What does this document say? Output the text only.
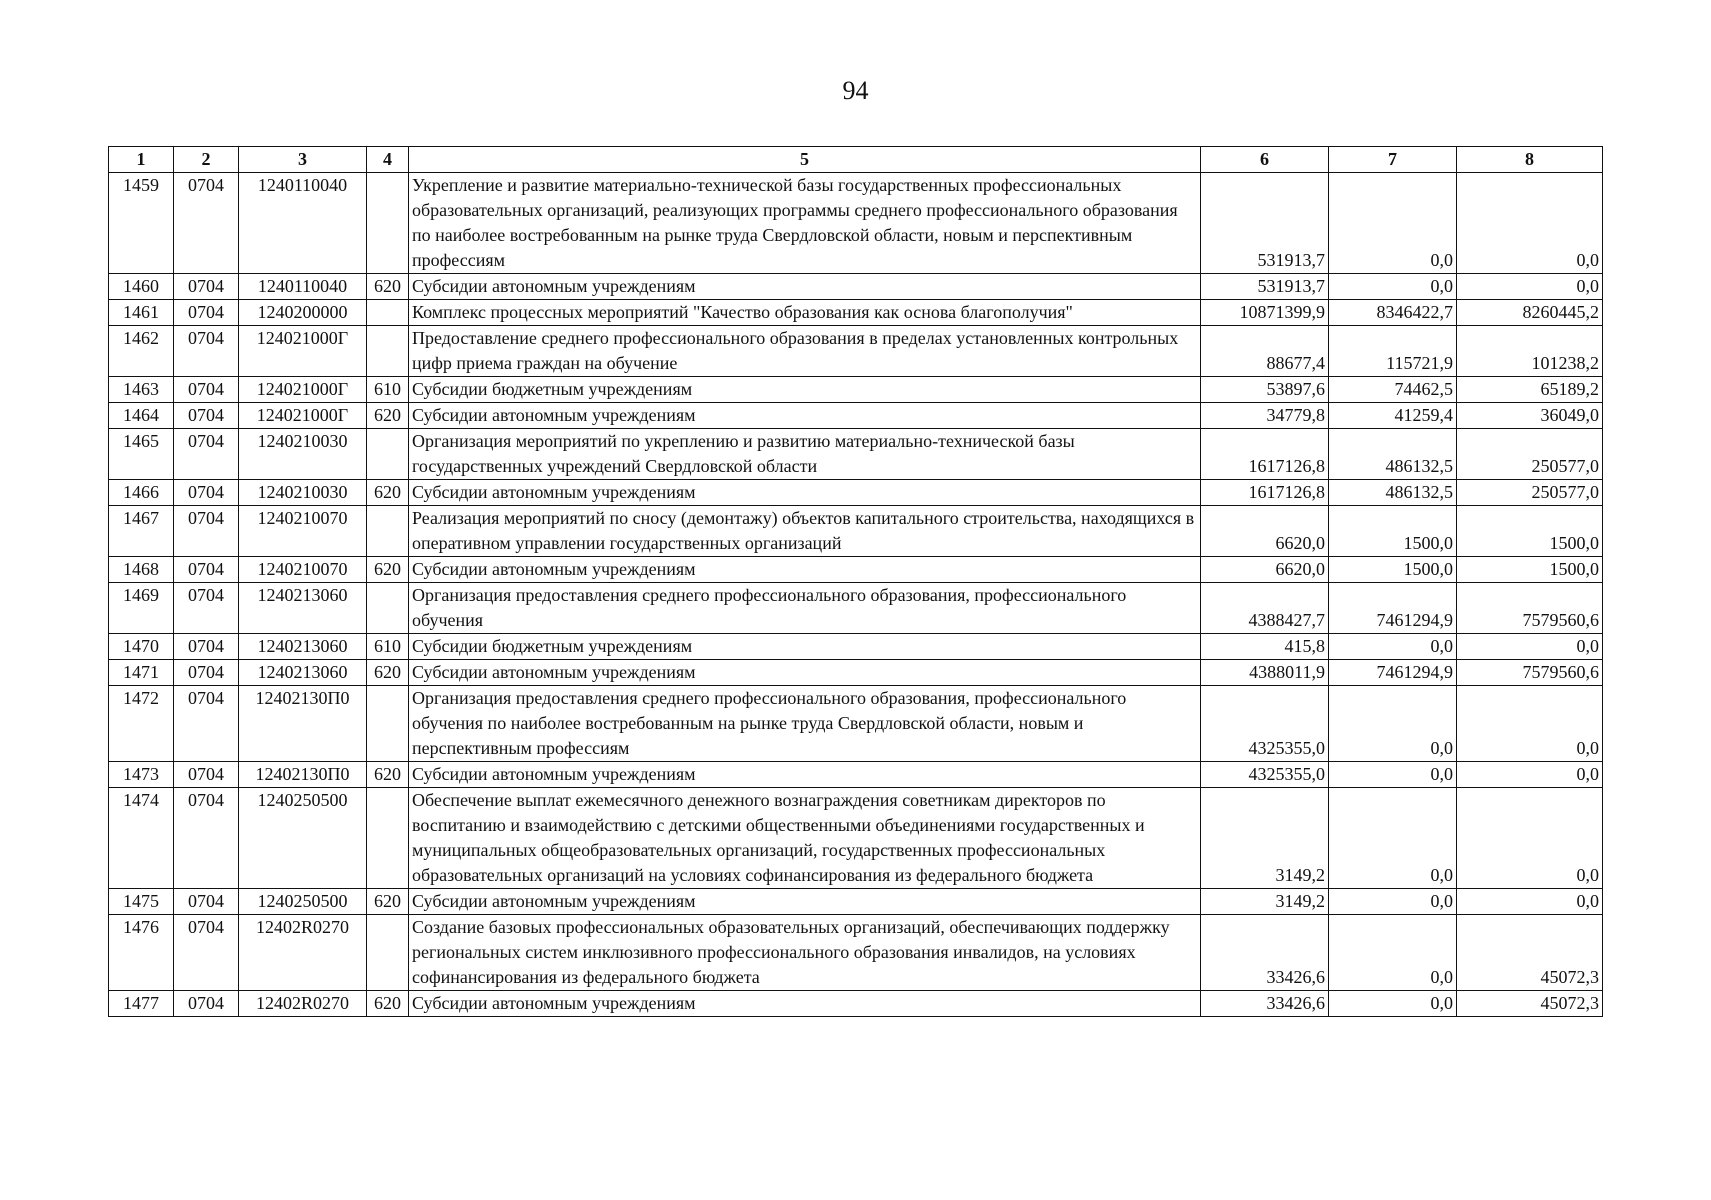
94
1	2	3	4	5	6	7	8
1459	0704	1240110040		Укрепление и развитие материально-технической базы государственных профессиональных образовательных организаций, реализующих программы среднего профессионального образования по наиболее востребованным на рынке труда Свердловской области, новым и перспективным профессиям	531913,7	0,0	0,0
1460	0704	1240110040	620	Субсидии автономным учреждениям	531913,7	0,0	0,0
1461	0704	1240200000		Комплекс процессных мероприятий "Качество образования как основа благополучия"	10871399,9	8346422,7	8260445,2
1462	0704	124021000Г		Предоставление среднего профессионального образования в пределах установленных контрольных цифр приема граждан на обучение	88677,4	115721,9	101238,2
1463	0704	124021000Г	610	Субсидии бюджетным учреждениям	53897,6	74462,5	65189,2
1464	0704	124021000Г	620	Субсидии автономным учреждениям	34779,8	41259,4	36049,0
1465	0704	1240210030		Организация мероприятий по укреплению и развитию материально-технической базы государственных учреждений Свердловской области	1617126,8	486132,5	250577,0
1466	0704	1240210030	620	Субсидии автономным учреждениям	1617126,8	486132,5	250577,0
1467	0704	1240210070		Реализация мероприятий по сносу (демонтажу) объектов капитального строительства, находящихся в оперативном управлении государственных организаций	6620,0	1500,0	1500,0
1468	0704	1240210070	620	Субсидии автономным учреждениям	6620,0	1500,0	1500,0
1469	0704	1240213060		Организация предоставления среднего профессионального образования, профессионального обучения	4388427,7	7461294,9	7579560,6
1470	0704	1240213060	610	Субсидии бюджетным учреждениям	415,8	0,0	0,0
1471	0704	1240213060	620	Субсидии автономным учреждениям	4388011,9	7461294,9	7579560,6
1472	0704	12402130П0		Организация предоставления среднего профессионального образования, профессионального обучения по наиболее востребованным на рынке труда Свердловской области, новым и перспективным профессиям	4325355,0	0,0	0,0
1473	0704	12402130П0	620	Субсидии автономным учреждениям	4325355,0	0,0	0,0
1474	0704	1240250500		Обеспечение выплат ежемесячного денежного вознаграждения советникам директоров по воспитанию и взаимодействию с детскими общественными объединениями государственных и муниципальных общеобразовательных организаций, государственных профессиональных образовательных организаций на условиях софинансирования из федерального бюджета	3149,2	0,0	0,0
1475	0704	1240250500	620	Субсидии автономным учреждениям	3149,2	0,0	0,0
1476	0704	12402R0270		Создание базовых профессиональных образовательных организаций, обеспечивающих поддержку региональных систем инклюзивного профессионального образования инвалидов, на условиях софинансирования из федерального бюджета	33426,6	0,0	45072,3
1477	0704	12402R0270	620	Субсидии автономным учреждениям	33426,6	0,0	45072,3
